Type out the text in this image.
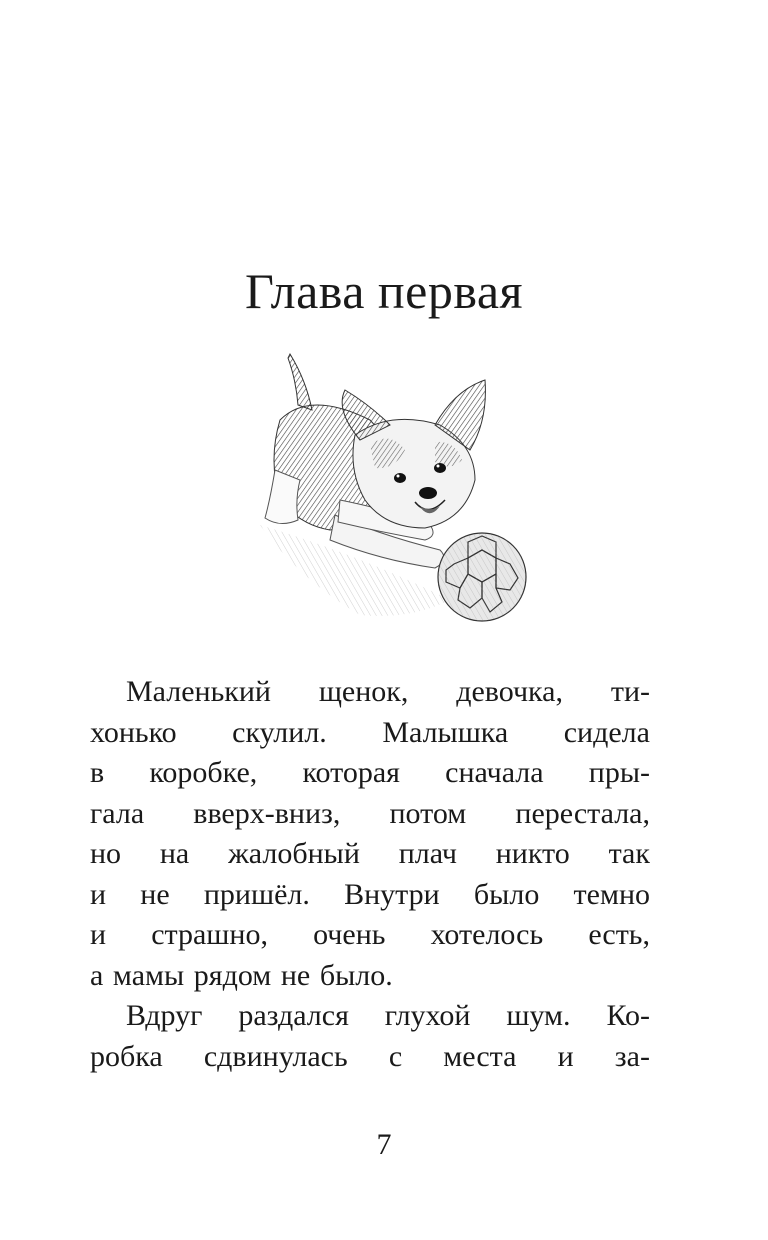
Глава первая
Маленький щенок, девочка, ти-
хонько скулил. Малышка сидела
в коробке, которая сначала пры-
гала вверх-вниз, потом перестала,
но на жалобный плач никто так
и не пришёл. Внутри было темно
и страшно, очень хотелось есть,
а мамы рядом не было.
Вдруг раздался глухой шум. Ко-
робка сдвинулась с места и за-
7
